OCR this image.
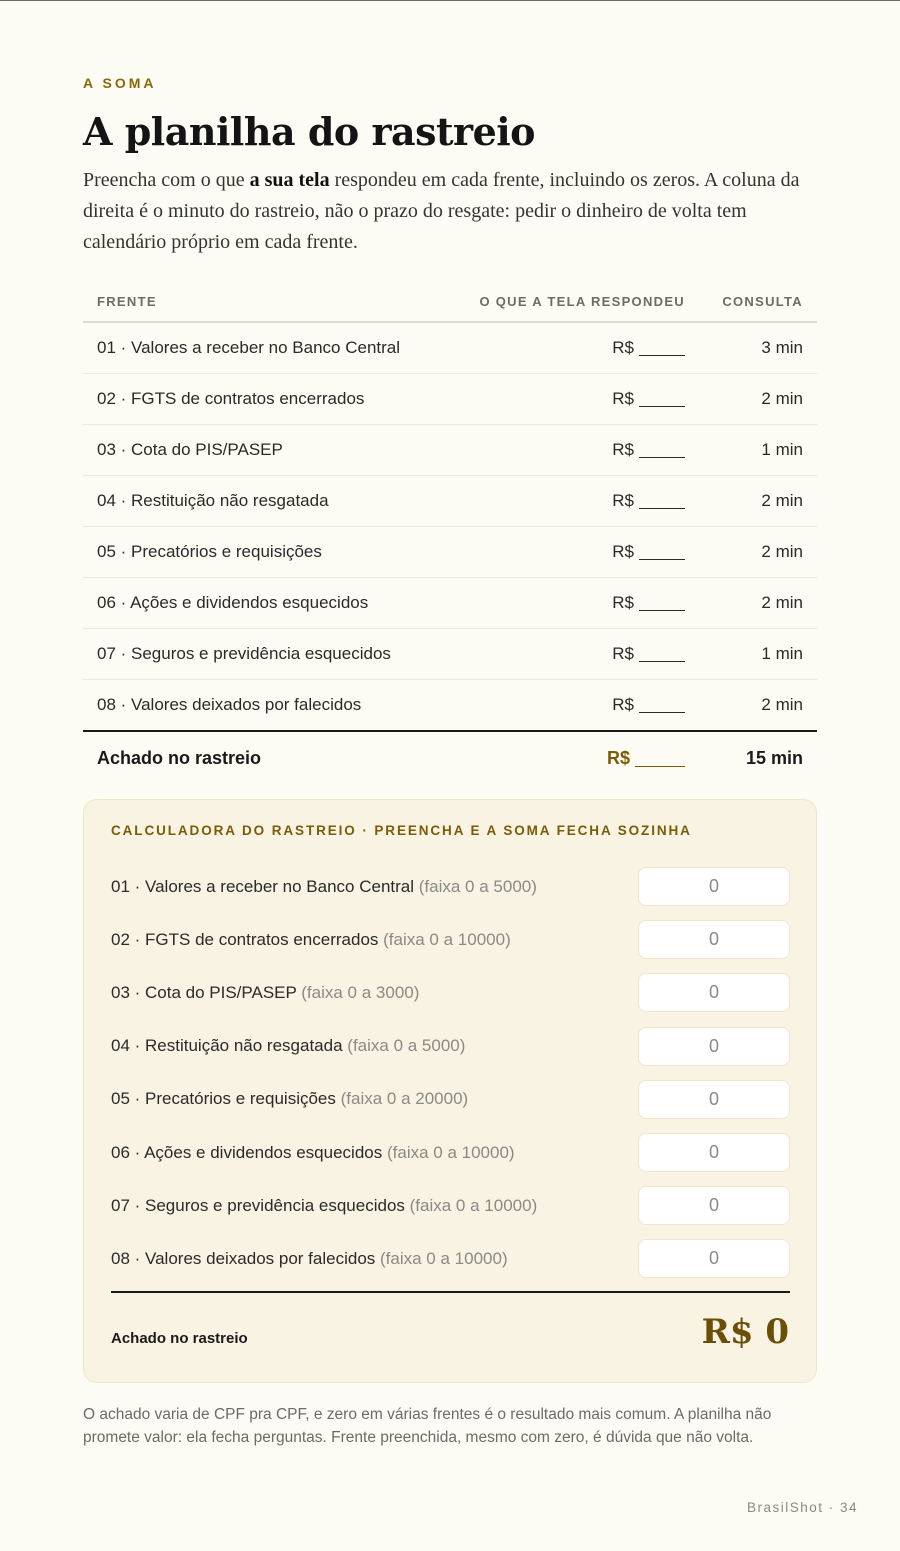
A SOMA
A planilha do rastreio

Preencha com o que a sua tela respondeu em cada frente, incluindo os zeros. A coluna da direita é o minuto do rastreio, não o prazo do resgate: pedir o dinheiro de volta tem calendário próprio em cada frente.

FRENTE	O QUE A TELA RESPONDEU	CONSULTA
01 · Valores a receber no Banco Central	R$	3 min
02 · FGTS de contratos encerrados	R$	2 min
03 · Cota do PIS/PASEP	R$	1 min
04 · Restituição não resgatada	R$	2 min
05 · Precatórios e requisições	R$	2 min
06 · Ações e dividendos esquecidos	R$	2 min
07 · Seguros e previdência esquecidos	R$	1 min
08 · Valores deixados por falecidos	R$	2 min
Achado no rastreio	R$	15 min
CALCULADORA DO RASTREIO · PREENCHA E A SOMA FECHA SOZINHA
01 · Valores a receber no Banco Central (faixa 0 a 5000)	0
02 · FGTS de contratos encerrados (faixa 0 a 10000)	0
03 · Cota do PIS/PASEP (faixa 0 a 3000)	0
04 · Restituição não resgatada (faixa 0 a 5000)	0
05 · Precatórios e requisições (faixa 0 a 20000)	0
06 · Ações e dividendos esquecidos (faixa 0 a 10000)	0
07 · Seguros e previdência esquecidos (faixa 0 a 10000)	0
08 · Valores deixados por falecidos (faixa 0 a 10000)	0
Achado no rastreio	R$ 0

O achado varia de CPF pra CPF, e zero em várias frentes é o resultado mais comum. A planilha não promete valor: ela fecha perguntas. Frente preenchida, mesmo com zero, é dúvida que não volta.

BrasilShot · 34
